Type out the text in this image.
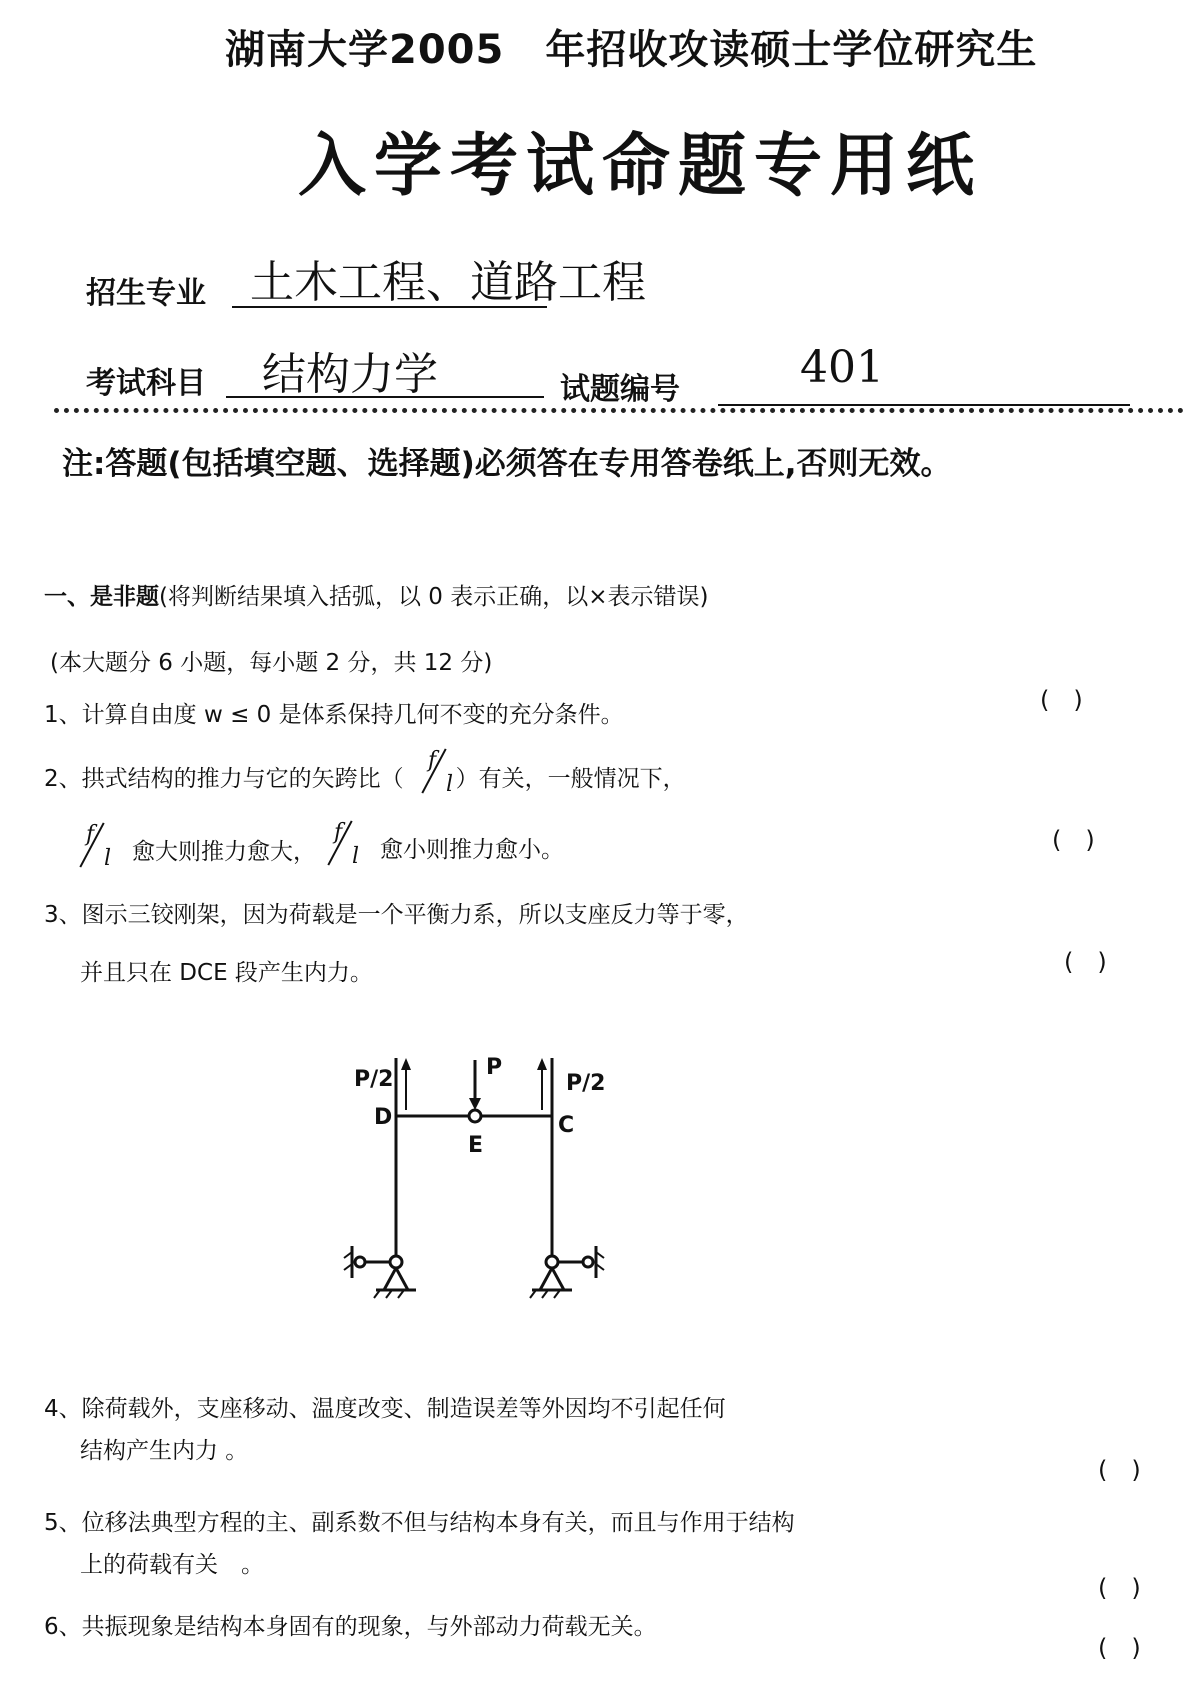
湖南大学2005　年招收攻读硕士学位研究生
入学考试命题专用纸
招生专业 土木工程、道路工程
考试科目 结构力学	试题编号	401
注:答题(包括填空题、选择题)必须答在专用答卷纸上,否则无效。
一、是非题(将判断结果填入括弧，以 0 表示正确，以×表示错误)
(本大题分 6 小题，每小题 2 分，共 12 分)
1、计算自由度 w ≤ 0 是体系保持几何不变的充分条件。
(　)
2、拱式结构的推力与它的矢跨比（ ）有关，一般情况下，
f
l
f
l 愈大则推力愈大，
f
l 愈小则推力愈小。	(　)
3、图示三铰刚架，因为荷载是一个平衡力系，所以支座反力等于零，
并且只在 DCE 段产生内力。	(　)
P/2	P
P/2
D
E
C
4、除荷载外，支座移动、温度改变、制造误差等外因均不引起任何
结构产生内力 。
(　)
5、位移法典型方程的主、副系数不但与结构本身有关，而且与作用于结构
上的荷载有关　。
(　)
6、共振现象是结构本身固有的现象，与外部动力荷载无关。
(　)
